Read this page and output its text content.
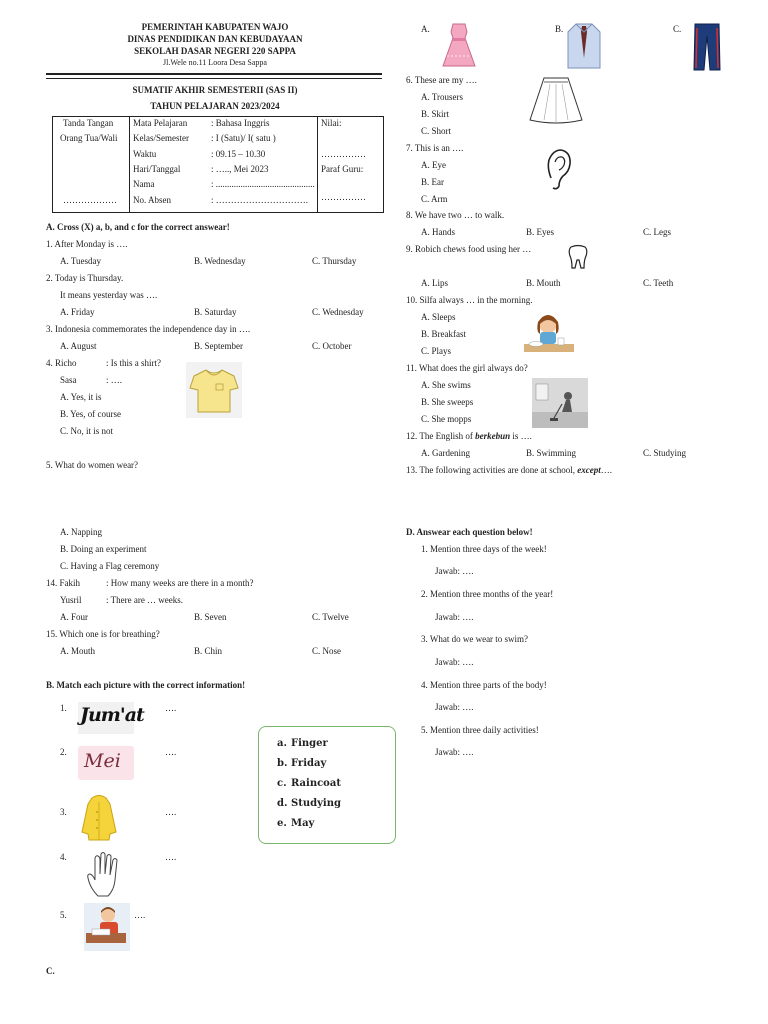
PEMERINTAH KABUPATEN WAJO
DINAS PENDIDIKAN DAN KEBUDAYAAN
SEKOLAH DASAR NEGERI 220 SAPPA
Jl.Wele no.11 Loora Desa Sappa
SUMATIF AKHIR SEMESTERII (SAS II)
TAHUN PELAJARAN 2023/2024
Tanda Tangan
Orang Tua/Wali
………………
Mata Pelajaran	: Bahasa Inggris
Kelas/Semester : I (Satu)/ I( satu )
Waktu	: 09.15 – 10.30
Hari/Tanggal	: ….., Mei 2023
Nama	: ............................................
No. Absen	: ………………………….
Nilai:
……………
Paraf Guru:
……………
A. Cross (X) a, b, and c for the correct answear!
1. After Monday is ….
A. Tuesday	B. Wednesday	C. Thursday
2. Today is Thursday.
It means yesterday was ….
A. Friday	B. Saturday	C. Wednesday
3. Indonesia commemorates the independence day in ….
A. August	B. September	C. October
4. Richo	: Is this a shirt?
Sasa	: ….
A. Yes, it is
B. Yes, of course
C. No, it is not
5. What do women wear?
A. Napping
B. Doing an experiment
C. Having a Flag ceremony
14. Fakih	: How many weeks are there in a month?
Yusril	: There are … weeks.
A. Four	B. Seven	C. Twelve
15. Which one is for breathing?
A. Mouth	B. Chin	C. Nose
B. Match each picture with the correct information!
1. Jum'at ….
2. Mei	….
3.	….
4.	….
5.	….
a. Finger
b. Friday
c. Raincoat
d. Studying
e. May
C.
A.	B.	C.
6. These are my ….
A. Trousers
B. Skirt
C. Short
7. This is an ….
A. Eye
B. Ear
C. Arm
8. We have two … to walk.
A. Hands	B. Eyes	C. Legs
9. Robich chews food using her …
A. Lips	B. Mouth	C. Teeth
10. Silfa always … in the morning.
A. Sleeps
B. Breakfast
C. Plays
11. What does the girl always do?
A. She swims
B. She sweeps
C. She mopps
12. The English of berkebun is ….
A. Gardening	B. Swimming	C. Studying
13. The following activities are done at school, except….
D. Answear each question below!
1. Mention three days of the week!
Jawab: ….
2. Mention three months of the year!
Jawab: ….
3. What do we wear to swim?
Jawab: ….
4. Mention three parts of the body!
Jawab: ….
5. Mention three daily activities!
Jawab: ….
